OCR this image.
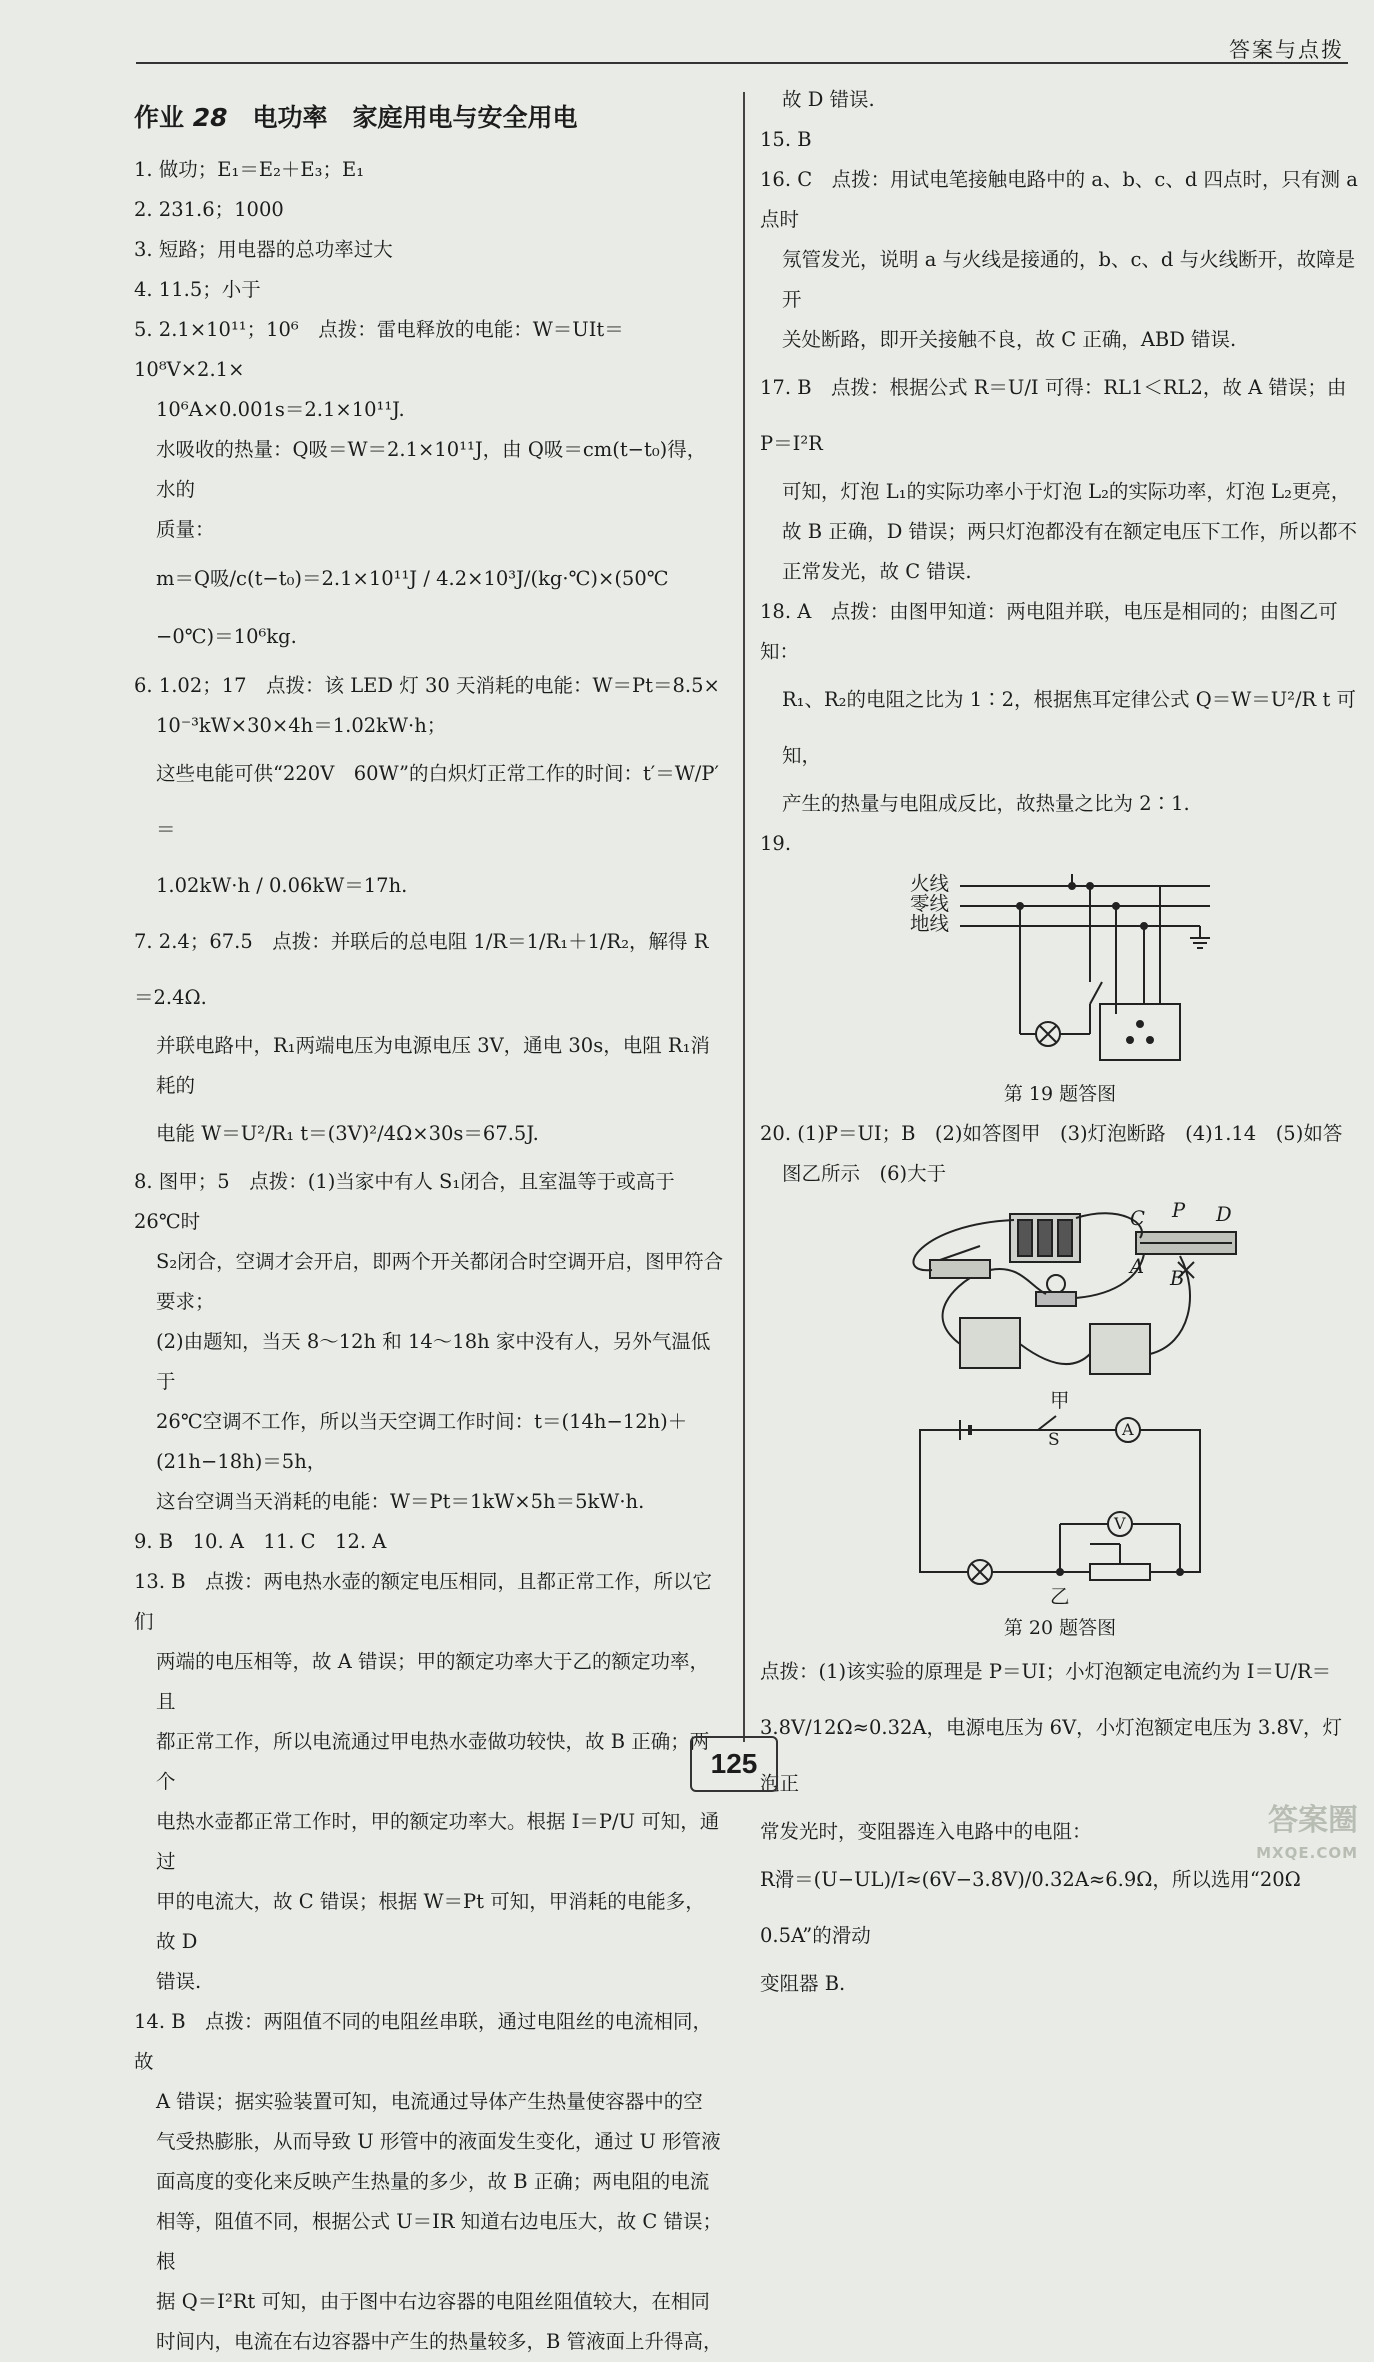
答案与点拨
作业 28　 电功率　家庭用电与安全用电

1. 做功；E₁＝E₂＋E₃；E₁

2. 231.6；1000

3. 短路；用电器的总功率过大

4. 11.5；小于

5. 2.1×10¹¹；10⁶　点拨：雷电释放的电能：W＝UIt＝10⁸V×2.1×

10⁶A×0.001s＝2.1×10¹¹J.

水吸收的热量：Q吸＝W＝2.1×10¹¹J，由 Q吸＝cm(t−t₀)得，水的

质量：

m＝Q吸/c(t−t₀)＝2.1×10¹¹J / 4.2×10³J/(kg·℃)×(50℃−0℃)＝10⁶kg.

6. 1.02；17　点拨：该 LED 灯 30 天消耗的电能：W＝Pt＝8.5×

10⁻³kW×30×4h＝1.02kW·h；

这些电能可供“220V　60W”的白炽灯正常工作的时间：t′＝W/P′＝

1.02kW·h / 0.06kW＝17h.

7. 2.4；67.5　点拨：并联后的总电阻 1/R＝1/R₁＋1/R₂，解得 R＝2.4Ω.

并联电路中，R₁两端电压为电源电压 3V，通电 30s，电阻 R₁消耗的

电能 W＝U²/R₁ t＝(3V)²/4Ω×30s＝67.5J.

8. 图甲；5　点拨：(1)当家中有人 S₁闭合，且室温等于或高于 26℃时

S₂闭合，空调才会开启，即两个开关都闭合时空调开启，图甲符合

要求；

(2)由题知，当天 8～12h 和 14～18h 家中没有人，另外气温低于

26℃空调不工作，所以当天空调工作时间：t＝(14h−12h)＋

(21h−18h)＝5h，

这台空调当天消耗的电能：W＝Pt＝1kW×5h＝5kW·h.

9. B　10. A　11. C　12. A

13. B　点拨：两电热水壶的额定电压相同，且都正常工作，所以它们

两端的电压相等，故 A 错误；甲的额定功率大于乙的额定功率，且

都正常工作，所以电流通过甲电热水壶做功较快，故 B 正确；两个

电热水壶都正常工作时，甲的额定功率大。根据 I＝P/U 可知，通过

甲的电流大，故 C 错误；根据 W＝Pt 可知，甲消耗的电能多，故 D

错误.

14. B　点拨：两阻值不同的电阻丝串联，通过电阻丝的电流相同，故

A 错误；据实验装置可知，电流通过导体产生热量使容器中的空

气受热膨胀，从而导致 U 形管中的液面发生变化，通过 U 形管液

面高度的变化来反映产生热量的多少，故 B 正确；两电阻的电流

相等，阻值不同，根据公式 U＝IR 知道右边电压大，故 C 错误；根

据 Q＝I²Rt 可知，由于图中右边容器的电阻丝阻值较大，在相同

时间内，电流在右边容器中产生的热量较多，B 管液面上升得高，

故 D 错误.

15. B

16. C　点拨：用试电笔接触电路中的 a、b、c、d 四点时，只有测 a 点时

氖管发光，说明 a 与火线是接通的，b、c、d 与火线断开，故障是开

关处断路，即开关接触不良，故 C 正确，ABD 错误.

17. B　点拨：根据公式 R＝U/I 可得：RL1＜RL2，故 A 错误；由 P＝I²R

可知，灯泡 L₁的实际功率小于灯泡 L₂的实际功率，灯泡 L₂更亮，

故 B 正确，D 错误；两只灯泡都没有在额定电压下工作，所以都不

正常发光，故 C 错误.

18. A　点拨：由图甲知道：两电阻并联，电压是相同的；由图乙可知：

R₁、R₂的电阻之比为 1∶2，根据焦耳定律公式 Q＝W＝U²/R t 可知，

产生的热量与电阻成反比，故热量之比为 2∶1.

19.

火线
零线
地线
第 19 题答图

20. (1)P＝UI；B　(2)如答图甲　(3)灯泡断路　(4)1.14　(5)如答

图乙所示　(6)大于

S
A
V
C P D
A
B
甲
乙
第 20 题答图

点拨：(1)该实验的原理是 P＝UI；小灯泡额定电流约为 I＝U/R＝

3.8V/12Ω≈0.32A，电源电压为 6V，小灯泡额定电压为 3.8V，灯泡正

常发光时，变阻器连入电路中的电阻：

R滑＝(U−UL)/I≈(6V−3.8V)/0.32A≈6.9Ω，所以选用“20Ω　0.5A”的滑动

变阻器 B.

125
答案圈
MXQE.COM
